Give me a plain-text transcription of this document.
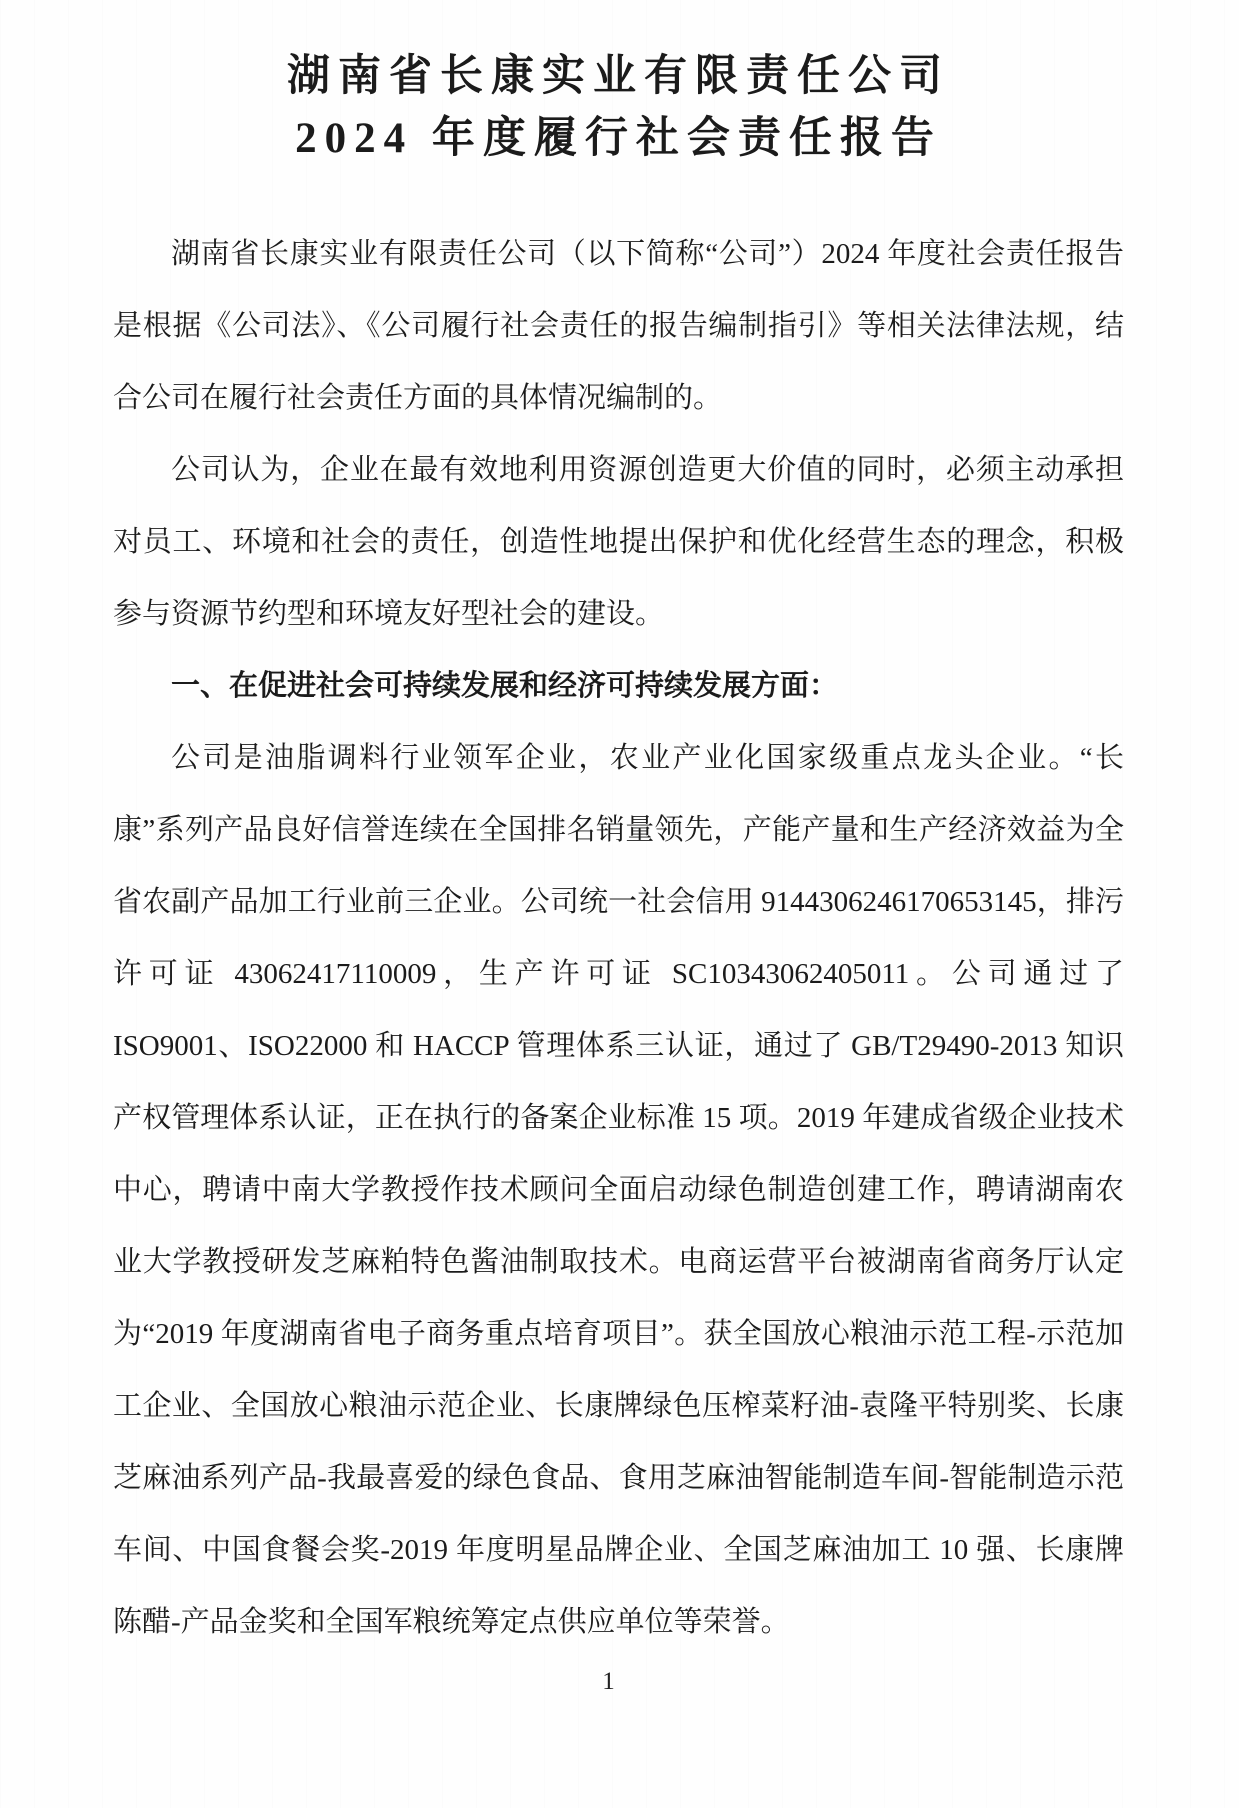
湖南省长康实业有限责任公司
2024 年度履行社会责任报告

湖南省长康实业有限责任公司（以下简称“公司”）2024 年度社会责任报告是根据《公司法》、《公司履行社会责任的报告编制指引》等相关法律法规，结合公司在履行社会责任方面的具体情况编制的。

公司认为，企业在最有效地利用资源创造更大价值的同时，必须主动承担对员工、环境和社会的责任，创造性地提出保护和优化经营生态的理念，积极参与资源节约型和环境友好型社会的建设。

一、在促进社会可持续发展和经济可持续发展方面：

公司是油脂调料行业领军企业，农业产业化国家级重点龙头企业。“长康”系列产品良好信誉连续在全国排名销量领先，产能产量和生产经济效益为全省农副产品加工行业前三企业。公司统一社会信用 9144306246170653145，排污许可证 43062417110009，生产许可证 SC10343062405011。公司通过了 ISO9001、ISO22000 和 HACCP 管理体系三认证，通过了 GB/T29490-2013 知识产权管理体系认证，正在执行的备案企业标准 15 项。2019 年建成省级企业技术中心，聘请中南大学教授作技术顾问全面启动绿色制造创建工作，聘请湖南农业大学教授研发芝麻粕特色酱油制取技术。电商运营平台被湖南省商务厅认定为“2019 年度湖南省电子商务重点培育项目”。获全国放心粮油示范工程-示范加工企业、全国放心粮油示范企业、长康牌绿色压榨菜籽油-袁隆平特别奖、长康芝麻油系列产品-我最喜爱的绿色食品、食用芝麻油智能制造车间-智能制造示范车间、中国食餐会奖-2019 年度明星品牌企业、全国芝麻油加工 10 强、长康牌陈醋-产品金奖和全国军粮统筹定点供应单位等荣誉。

1
